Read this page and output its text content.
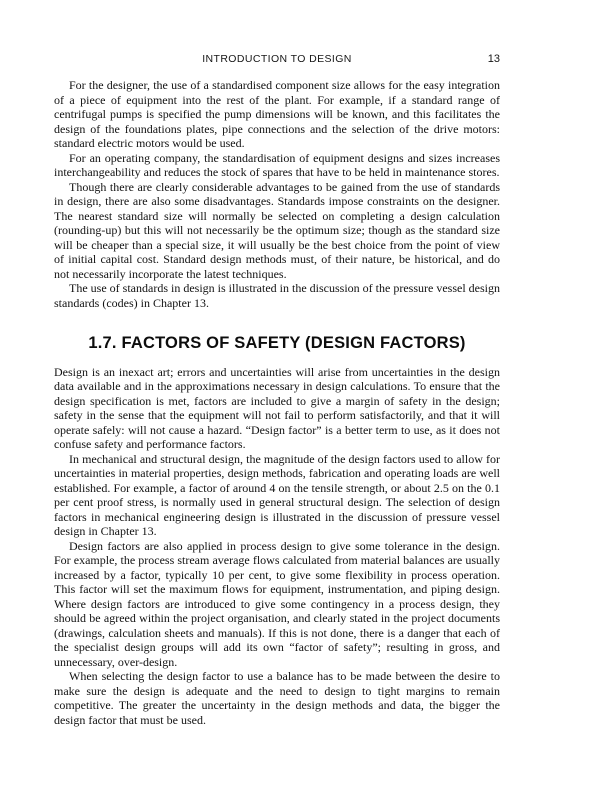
INTRODUCTION TO DESIGN	13

For the designer, the use of a standardised component size allows for the easy integration of a piece of equipment into the rest of the plant. For example, if a standard range of centrifugal pumps is specified the pump dimensions will be known, and this facilitates the design of the foundations plates, pipe connections and the selection of the drive motors: standard electric motors would be used.

For an operating company, the standardisation of equipment designs and sizes increases interchangeability and reduces the stock of spares that have to be held in maintenance stores.

Though there are clearly considerable advantages to be gained from the use of standards in design, there are also some disadvantages. Standards impose constraints on the designer. The nearest standard size will normally be selected on completing a design calculation (rounding-up) but this will not necessarily be the optimum size; though as the standard size will be cheaper than a special size, it will usually be the best choice from the point of view of initial capital cost. Standard design methods must, of their nature, be historical, and do not necessarily incorporate the latest techniques.

The use of standards in design is illustrated in the discussion of the pressure vessel design standards (codes) in Chapter 13.

1.7. FACTORS OF SAFETY (DESIGN FACTORS)

Design is an inexact art; errors and uncertainties will arise from uncertainties in the design data available and in the approximations necessary in design calculations. To ensure that the design specification is met, factors are included to give a margin of safety in the design; safety in the sense that the equipment will not fail to perform satisfactorily, and that it will operate safely: will not cause a hazard. “Design factor” is a better term to use, as it does not confuse safety and performance factors.

In mechanical and structural design, the magnitude of the design factors used to allow for uncertainties in material properties, design methods, fabrication and operating loads are well established. For example, a factor of around 4 on the tensile strength, or about 2.5 on the 0.1 per cent proof stress, is normally used in general structural design. The selection of design factors in mechanical engineering design is illustrated in the discussion of pressure vessel design in Chapter 13.

Design factors are also applied in process design to give some tolerance in the design. For example, the process stream average flows calculated from material balances are usually increased by a factor, typically 10 per cent, to give some flexibility in process operation. This factor will set the maximum flows for equipment, instrumentation, and piping design. Where design factors are introduced to give some contingency in a process design, they should be agreed within the project organisation, and clearly stated in the project documents (drawings, calculation sheets and manuals). If this is not done, there is a danger that each of the specialist design groups will add its own “factor of safety”; resulting in gross, and unnecessary, over-design.

When selecting the design factor to use a balance has to be made between the desire to make sure the design is adequate and the need to design to tight margins to remain competitive. The greater the uncertainty in the design methods and data, the bigger the design factor that must be used.
